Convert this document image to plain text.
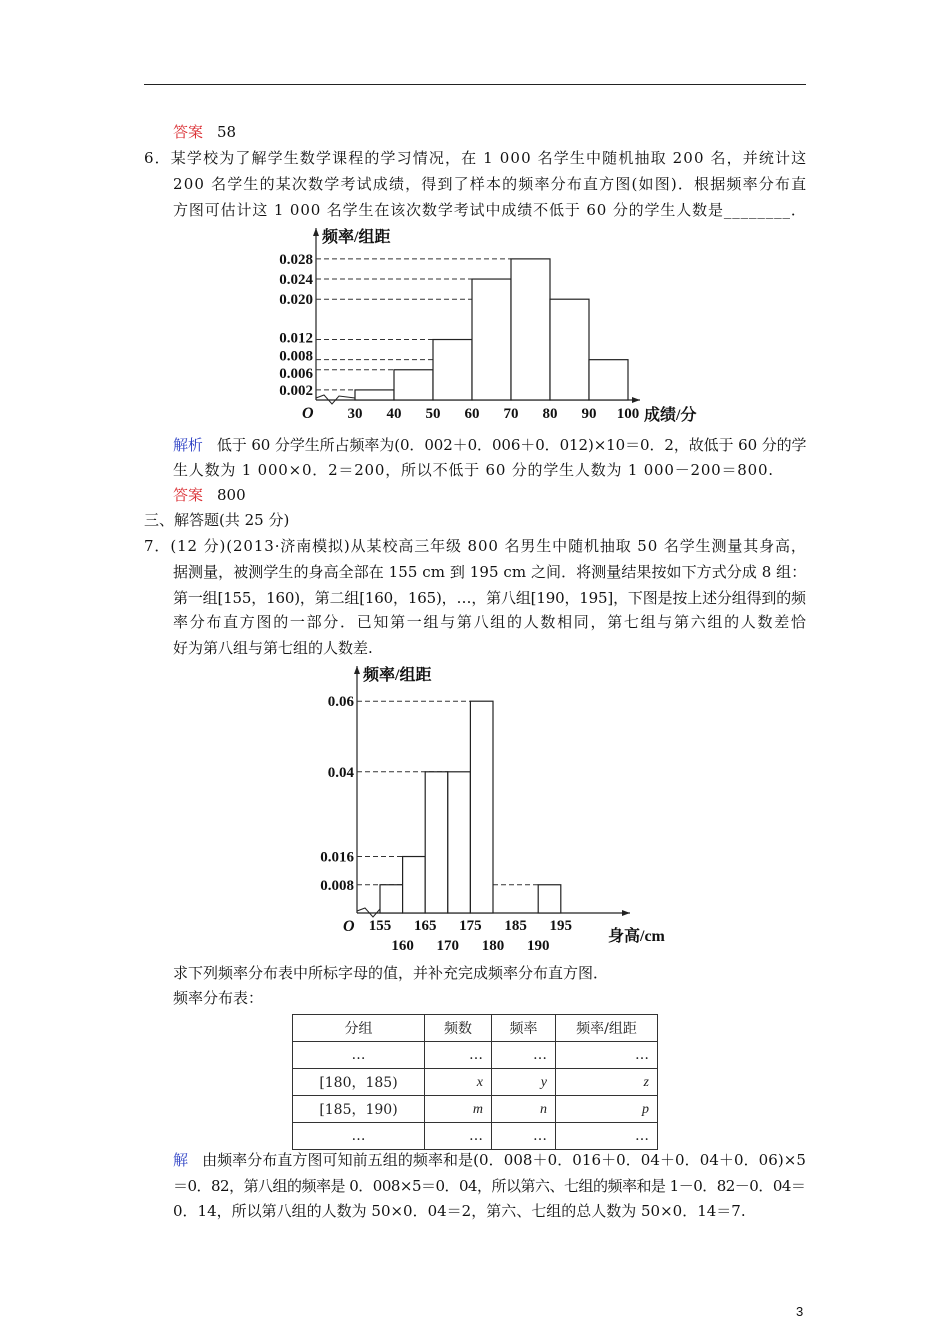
答案 58
6．某学校为了解学生数学课程的学习情况，在 1 000 名学生中随机抽取 200 名，并统计这
200 名学生的某次数学考试成绩，得到了样本的频率分布直方图(如图)．根据频率分布直
方图可估计这 1 000 名学生在该次数学考试中成绩不低于 60 分的学生人数是________．
频率/组距
成绩/分
O
0.028
0.024
0.020
0.012
0.008
0.006
0.002
30 40 50 60 70 80 90 100
解析 低于 60 分学生所占频率为(0．002＋0．006＋0．012)×10＝0．2，故低于 60 分的学
生人数为 1 000×0．2＝200，所以不低于 60 分的学生人数为 1 000－200＝800.
答案 800
三、解答题(共 25 分)
7．(12 分)(2013·济南模拟)从某校高三年级 800 名男生中随机抽取 50 名学生测量其身高，
据测量，被测学生的身高全部在 155 cm 到 195 cm 之间．将测量结果按如下方式分成 8 组：
第一组[155，160)，第二组[160，165)，…，第八组[190，195]，下图是按上述分组得到的频
率分布直方图的一部分．已知第一组与第八组的人数相同，第七组与第六组的人数差恰
好为第八组与第七组的人数差.
频率/组距
身高/cm
O
0.06
0.04
0.016
0.008
155 165 175 185 195
160 170 180 190
求下列频率分布表中所标字母的值，并补充完成频率分布直方图．
频率分布表：
分组	频数	频率	频率/组距
…	…	…	…
[180，185)	x	y	z
[185，190)	m	n	p
…	…	…	…
解 由频率分布直方图可知前五组的频率和是(0．008＋0．016＋0．04＋0．04＋0．06)×5
＝0．82，第八组的频率是 0．008×5＝0．04，所以第六、七组的频率和是 1－0．82－0．04＝
0．14，所以第八组的人数为 50×0．04＝2，第六、七组的总人数为 50×0．14＝7.
3
